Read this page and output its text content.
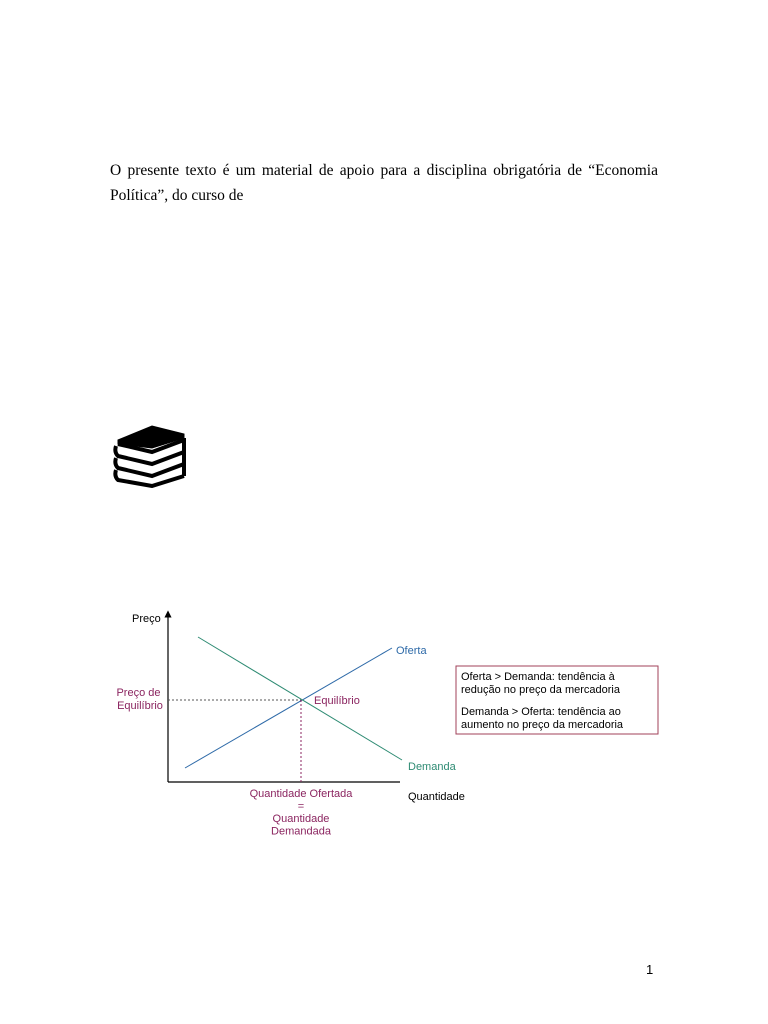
O presente texto é um material de apoio para a disciplina obrigatória de “Economia Política”, do curso de

Preço
Quantidade
Oferta
Demanda
Equilíbrio
Preço de Equilíbrio
Quantidade Ofertada = Quantidade Demandada
Oferta > Demanda: tendência à
redução no preço da mercadoria
Demanda > Oferta: tendência ao
aumento no preço da mercadoria
1
